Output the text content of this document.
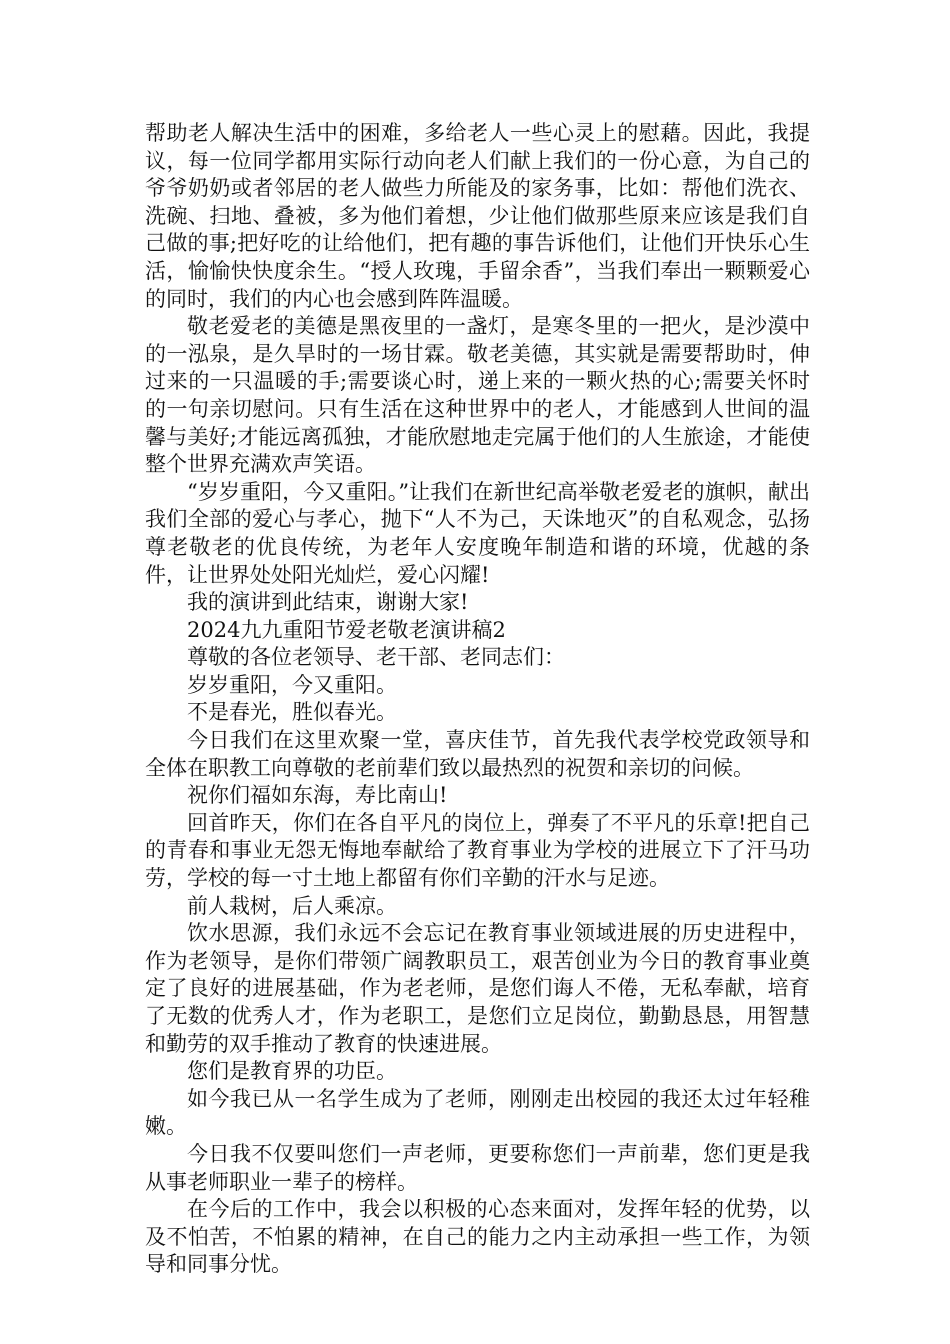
帮助老人解决生活中的困难，多给老人一些心灵上的慰藉。因此，我提议，每一位同学都用实际行动向老人们献上我们的一份心意，为自己的爷爷奶奶或者邻居的老人做些力所能及的家务事，比如：帮他们洗衣、洗碗、扫地、叠被，多为他们着想，少让他们做那些原来应该是我们自己做的事;把好吃的让给他们，把有趣的事告诉他们，让他们开快乐心生活，愉愉快快度余生。“授人玫瑰，手留余香”，当我们奉出一颗颗爱心的同时，我们的内心也会感到阵阵温暖。

敬老爱老的美德是黑夜里的一盏灯，是寒冬里的一把火，是沙漠中的一泓泉，是久旱时的一场甘霖。敬老美德，其实就是需要帮助时，伸过来的一只温暖的手;需要谈心时，递上来的一颗火热的心;需要关怀时的一句亲切慰问。只有生活在这种世界中的老人，才能感到人世间的温馨与美好;才能远离孤独，才能欣慰地走完属于他们的人生旅途，才能使整个世界充满欢声笑语。

“岁岁重阳，今又重阳。”让我们在新世纪高举敬老爱老的旗帜，献出我们全部的爱心与孝心，抛下“人不为己，天诛地灭”的自私观念，弘扬尊老敬老的优良传统，为老年人安度晚年制造和谐的环境，优越的条件，让世界处处阳光灿烂，爱心闪耀!

我的演讲到此结束，谢谢大家!

2024九九重阳节爱老敬老演讲稿2

尊敬的各位老领导、老干部、老同志们：

岁岁重阳，今又重阳。

不是春光，胜似春光。

今日我们在这里欢聚一堂，喜庆佳节，首先我代表学校党政领导和全体在职教工向尊敬的老前辈们致以最热烈的祝贺和亲切的问候。

祝你们福如东海，寿比南山!

回首昨天，你们在各自平凡的岗位上，弹奏了不平凡的乐章!把自己的青春和事业无怨无悔地奉献给了教育事业为学校的进展立下了汗马功劳，学校的每一寸土地上都留有你们辛勤的汗水与足迹。

前人栽树，后人乘凉。

饮水思源，我们永远不会忘记在教育事业领域进展的历史进程中，作为老领导，是你们带领广阔教职员工，艰苦创业为今日的教育事业奠定了良好的进展基础，作为老老师，是您们诲人不倦，无私奉献，培育了无数的优秀人才，作为老职工，是您们立足岗位，勤勤恳恳，用智慧和勤劳的双手推动了教育的快速进展。

您们是教育界的功臣。

如今我已从一名学生成为了老师，刚刚走出校园的我还太过年轻稚嫩。

今日我不仅要叫您们一声老师，更要称您们一声前辈，您们更是我从事老师职业一辈子的榜样。

在今后的工作中，我会以积极的心态来面对，发挥年轻的优势，以及不怕苦，不怕累的精神，在自己的能力之内主动承担一些工作，为领导和同事分忧。
